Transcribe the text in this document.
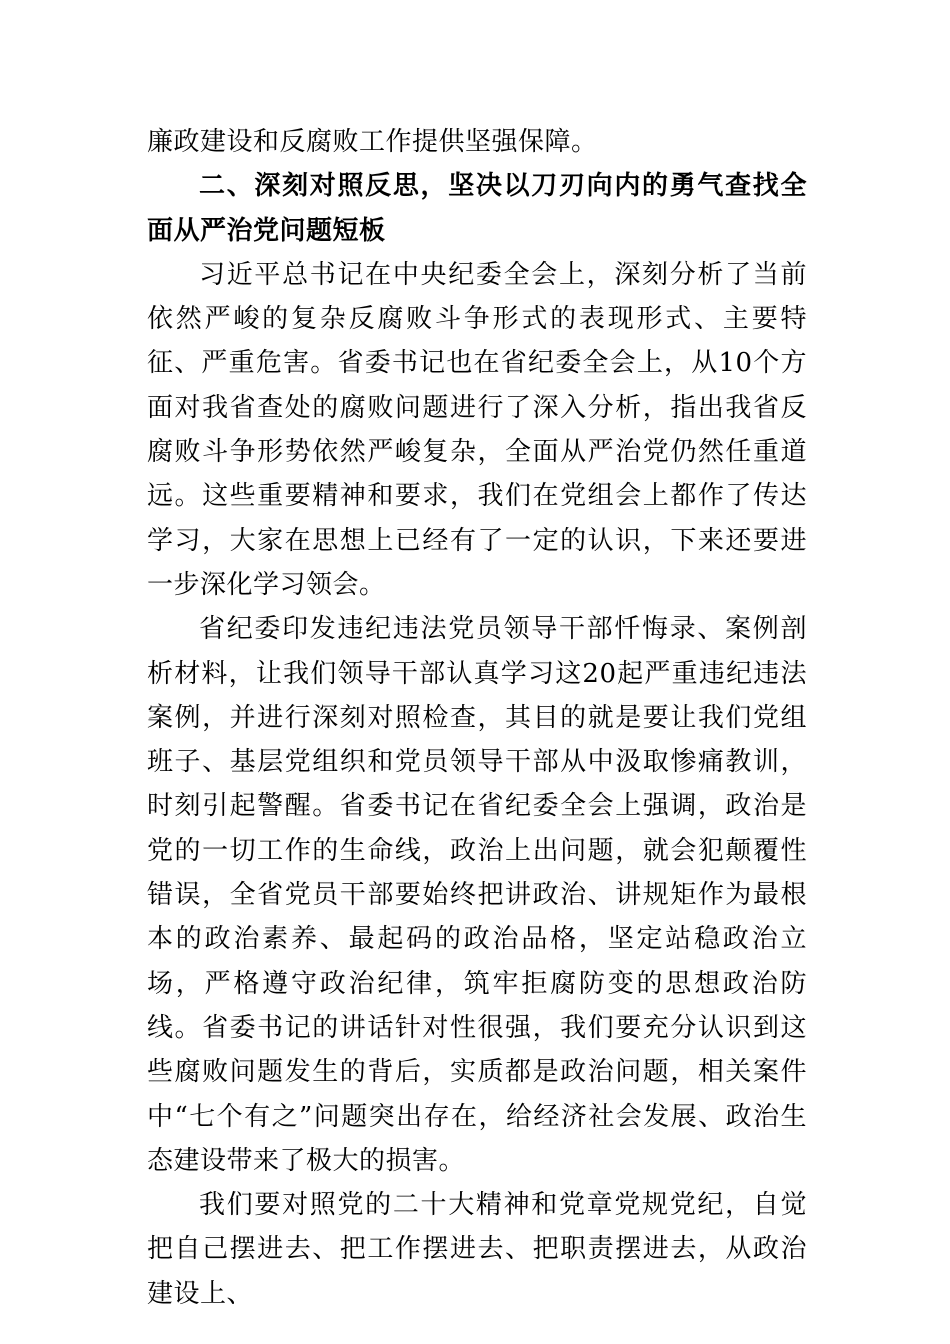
廉政建设和反腐败工作提供坚强保障。

二、深刻对照反思，坚决以刀刃向内的勇气查找全面从严治党问题短板

习近平总书记在中央纪委全会上，深刻分析了当前依然严峻的复杂反腐败斗争形式的表现形式、主要特征、严重危害。省委书记也在省纪委全会上，从10个方面对我省查处的腐败问题进行了深入分析，指出我省反腐败斗争形势依然严峻复杂，全面从严治党仍然任重道远。这些重要精神和要求，我们在党组会上都作了传达学习，大家在思想上已经有了一定的认识，下来还要进一步深化学习领会。

省纪委印发违纪违法党员领导干部忏悔录、案例剖析材料，让我们领导干部认真学习这20起严重违纪违法案例，并进行深刻对照检查，其目的就是要让我们党组班子、基层党组织和党员领导干部从中汲取惨痛教训，时刻引起警醒。省委书记在省纪委全会上强调，政治是党的一切工作的生命线，政治上出问题，就会犯颠覆性错误，全省党员干部要始终把讲政治、讲规矩作为最根本的政治素养、最起码的政治品格，坚定站稳政治立场，严格遵守政治纪律，筑牢拒腐防变的思想政治防线。省委书记的讲话针对性很强，我们要充分认识到这些腐败问题发生的背后，实质都是政治问题，相关案件中“七个有之”问题突出存在，给经济社会发展、政治生态建设带来了极大的损害。

我们要对照党的二十大精神和党章党规党纪，自觉把自己摆进去、把工作摆进去、把职责摆进去，从政治建设上、
